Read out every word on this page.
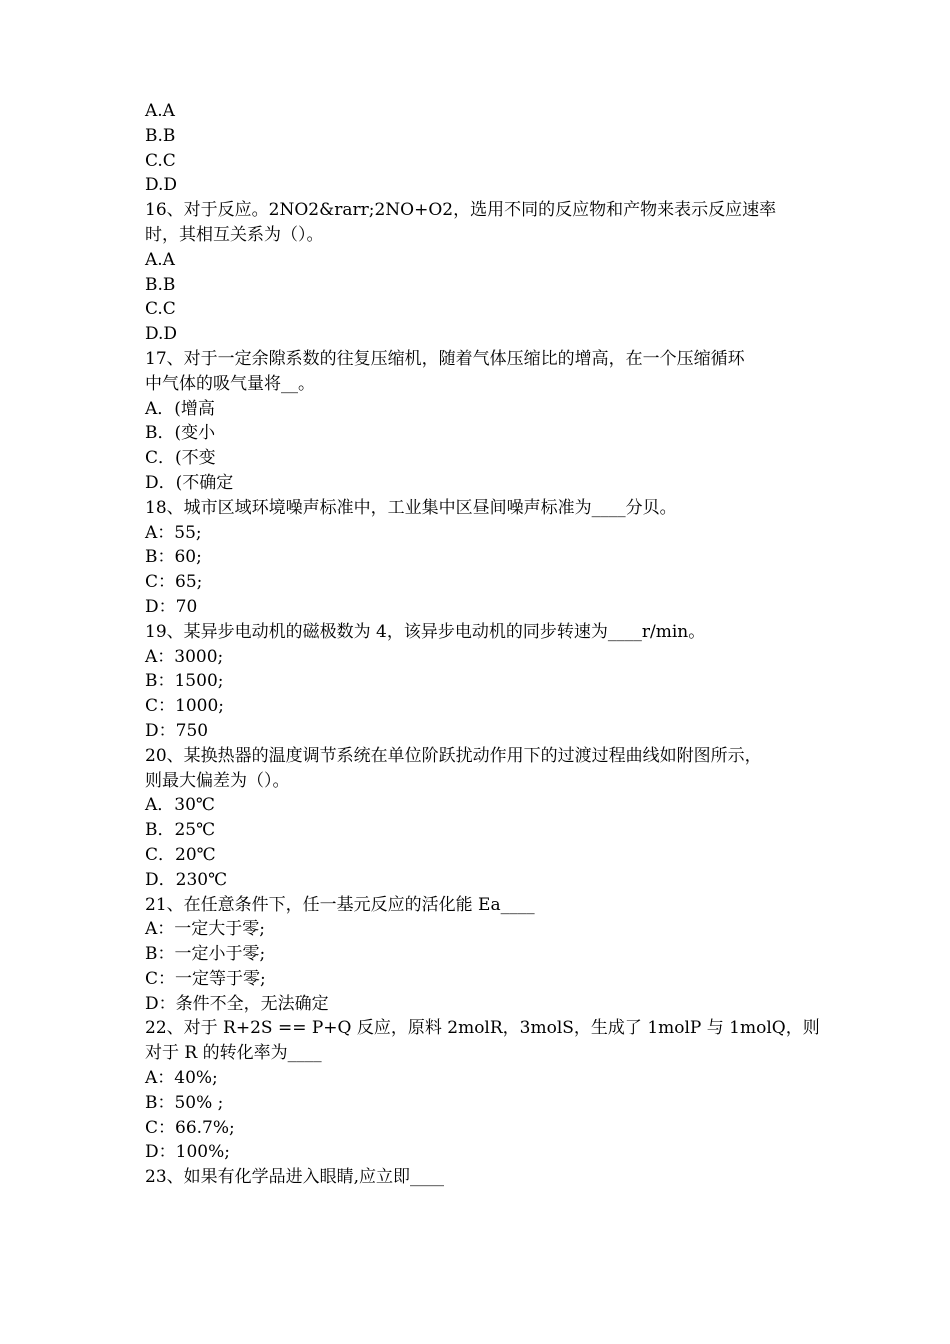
A.A
B.B
C.C
D.D
16、对于反应。2NO2&rarr;2NO+O2，选用不同的反应物和产物来表示反应速率
时，其相互关系为（）。
A.A
B.B
C.C
D.D
17、对于一定余隙系数的往复压缩机，随着气体压缩比的增高，在一个压缩循环
中气体的吸气量将__。
A．(增高
B．(变小
C．(不变
D．(不确定
18、城市区域环境噪声标准中，工业集中区昼间噪声标准为____分贝。
A：55;
B：60;
C：65;
D：70
19、某异步电动机的磁极数为 4，该异步电动机的同步转速为____r/min。
A：3000;
B：1500;
C：1000;
D：750
20、某换热器的温度调节系统在单位阶跃扰动作用下的过渡过程曲线如附图所示，
则最大偏差为（）。
A．30℃
B．25℃
C．20℃
D．230℃
21、在任意条件下，任一基元反应的活化能 Ea____
A：一定大于零;
B：一定小于零;
C：一定等于零;
D：条件不全，无法确定
22、对于 R+2S == P+Q 反应，原料 2molR，3molS，生成了 1molP 与 1molQ，则
对于 R 的转化率为____
A：40%;
B：50% ;
C：66.7%;
D：100%;
23、如果有化学品进入眼睛,应立即____
